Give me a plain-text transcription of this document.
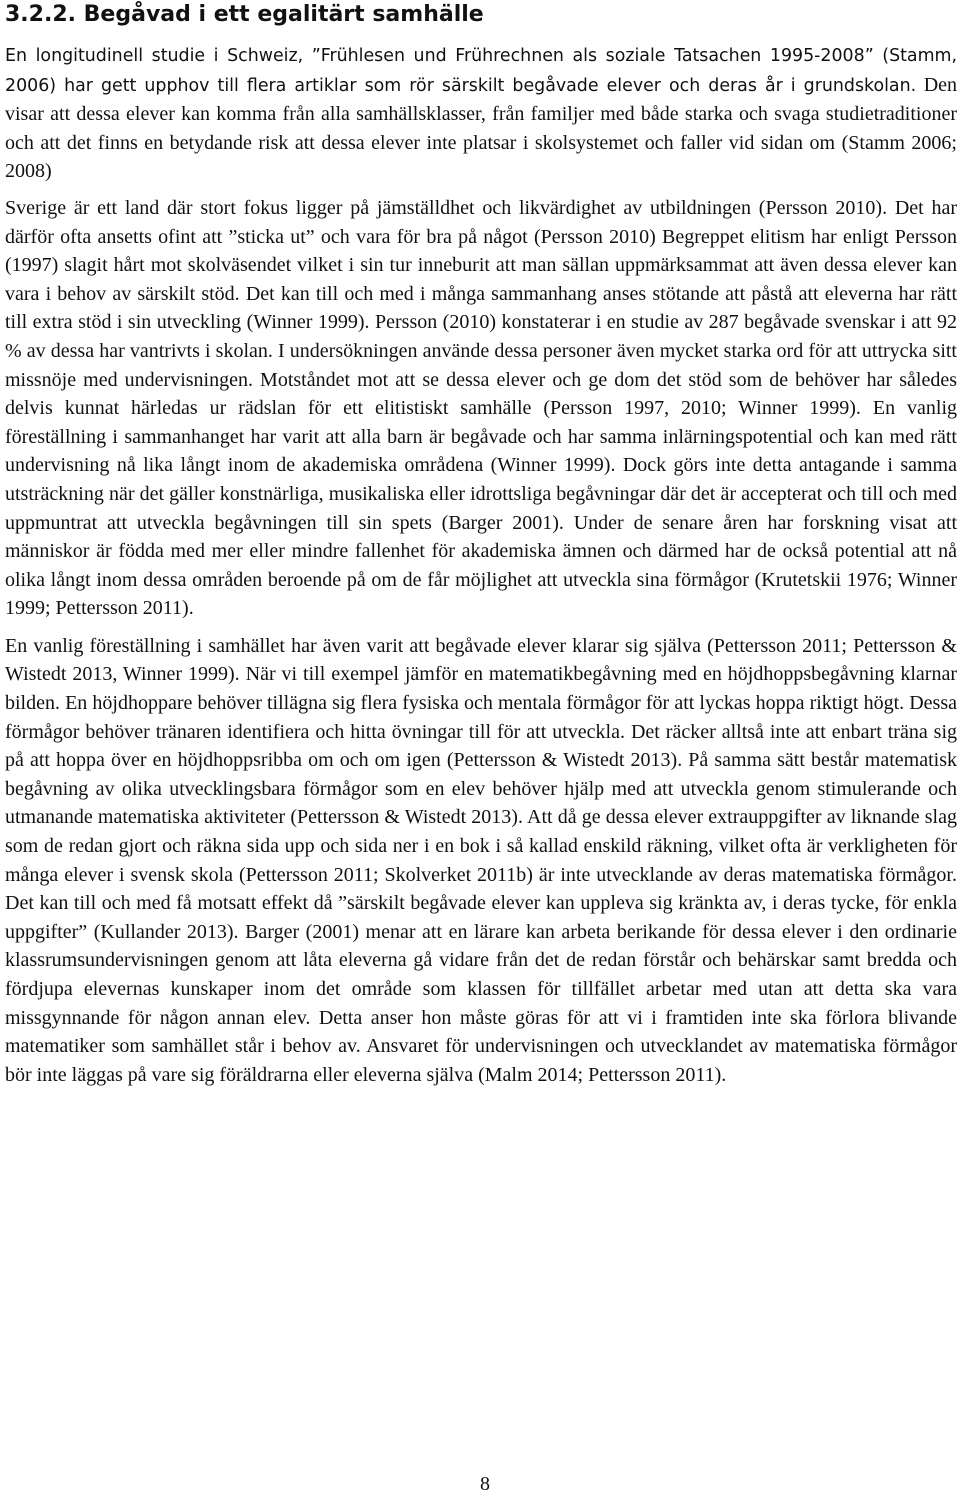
3.2.2. Begåvad i ett egalitärt samhälle

En longitudinell studie i Schweiz, ”Frühlesen und Frührechnen als soziale Tatsachen 1995-2008” (Stamm, 2006) har gett upphov till flera artiklar som rör särskilt begåvade elever och deras år i grundskolan. Den visar att dessa elever kan komma från alla samhällsklasser, från familjer med både starka och svaga studietraditioner och att det finns en betydande risk att dessa elever inte platsar i skolsystemet och faller vid sidan om (Stamm 2006; 2008)

Sverige är ett land där stort fokus ligger på jämställdhet och likvärdighet av utbildningen (Persson 2010). Det har därför ofta ansetts ofint att ”sticka ut” och vara för bra på något (Persson 2010) Begreppet elitism har enligt Persson (1997) slagit hårt mot skolväsendet vilket i sin tur inneburit att man sällan uppmärksammat att även dessa elever kan vara i behov av särskilt stöd. Det kan till och med i många sammanhang anses stötande att påstå att eleverna har rätt till extra stöd i sin utveckling (Winner 1999). Persson (2010) konstaterar i en studie av 287 begåvade svenskar i att 92 % av dessa har vantrivts i skolan. I undersökningen använde dessa personer även mycket starka ord för att uttrycka sitt missnöje med undervisningen. Motståndet mot att se dessa elever och ge dom det stöd som de behöver har således delvis kunnat härledas ur rädslan för ett elitistiskt samhälle (Persson 1997, 2010; Winner 1999). En vanlig föreställning i sammanhanget har varit att alla barn är begåvade och har samma inlärningspotential och kan med rätt undervisning nå lika långt inom de akademiska områdena (Winner 1999). Dock görs inte detta antagande i samma utsträckning när det gäller konstnärliga, musikaliska eller idrottsliga begåvningar där det är accepterat och till och med uppmuntrat att utveckla begåvningen till sin spets (Barger 2001). Under de senare åren har forskning visat att människor är födda med mer eller mindre fallenhet för akademiska ämnen och därmed har de också potential att nå olika långt inom dessa områden beroende på om de får möjlighet att utveckla sina förmågor (Krutetskii 1976; Winner 1999; Pettersson 2011).

En vanlig föreställning i samhället har även varit att begåvade elever klarar sig själva (Pettersson 2011; Pettersson & Wistedt 2013, Winner 1999). När vi till exempel jämför en matematikbegåvning med en höjdhoppsbegåvning klarnar bilden. En höjdhoppare behöver tillägna sig flera fysiska och mentala förmågor för att lyckas hoppa riktigt högt. Dessa förmågor behöver tränaren identifiera och hitta övningar till för att utveckla. Det räcker alltså inte att enbart träna sig på att hoppa över en höjdhoppsribba om och om igen (Pettersson & Wistedt 2013). På samma sätt består matematisk begåvning av olika utvecklingsbara förmågor som en elev behöver hjälp med att utveckla genom stimulerande och utmanande matematiska aktiviteter (Pettersson & Wistedt 2013). Att då ge dessa elever extrauppgifter av liknande slag som de redan gjort och räkna sida upp och sida ner i en bok i så kallad enskild räkning, vilket ofta är verkligheten för många elever i svensk skola (Pettersson 2011; Skolverket 2011b) är inte utvecklande av deras matematiska förmågor. Det kan till och med få motsatt effekt då ”särskilt begåvade elever kan uppleva sig kränkta av, i deras tycke, för enkla uppgifter” (Kullander 2013). Barger (2001) menar att en lärare kan arbeta berikande för dessa elever i den ordinarie klassrumsundervisningen genom att låta eleverna gå vidare från det de redan förstår och behärskar samt bredda och fördjupa elevernas kunskaper inom det område som klassen för tillfället arbetar med utan att detta ska vara missgynnande för någon annan elev. Detta anser hon måste göras för att vi i framtiden inte ska förlora blivande matematiker som samhället står i behov av. Ansvaret för undervisningen och utvecklandet av matematiska förmågor bör inte läggas på vare sig föräldrarna eller eleverna själva (Malm 2014; Pettersson 2011).

8
